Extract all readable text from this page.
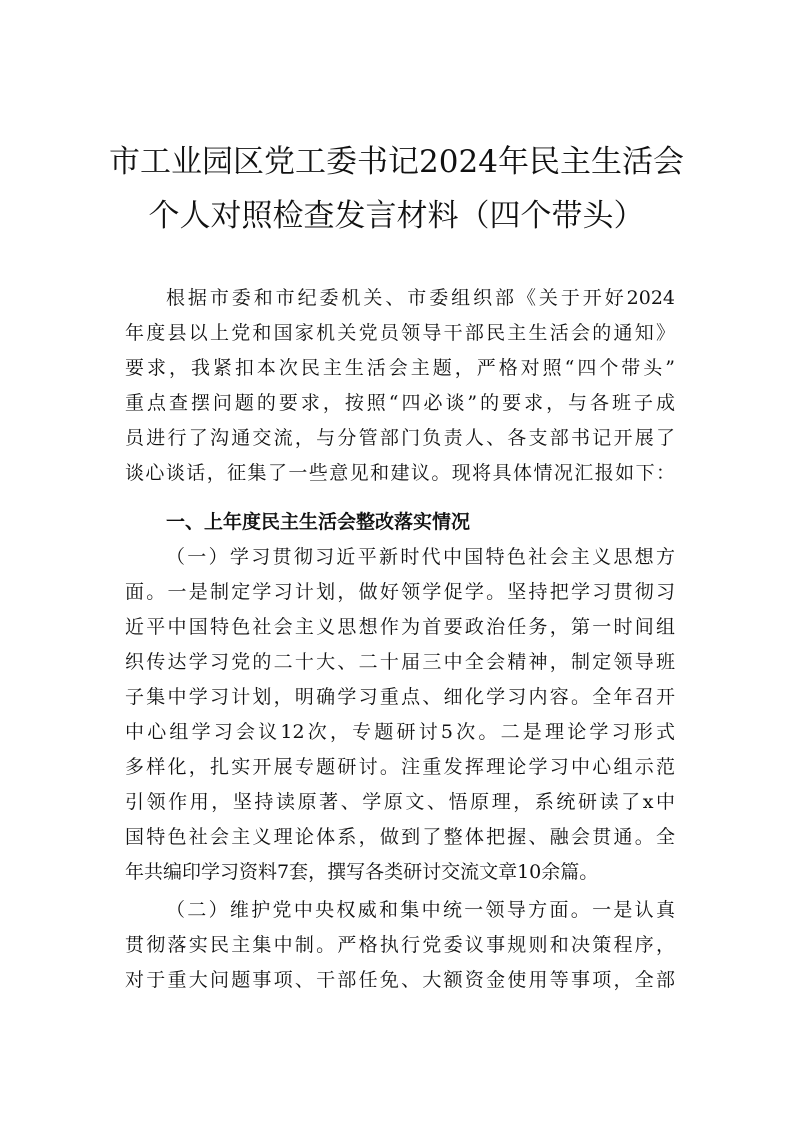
市工业园区党工委书记2024年民主生活会
个人对照检查发言材料（四个带头）
根据市委和市纪委机关、市委组织部《关于开好2024
年度县以上党和国家机关党员领导干部民主生活会的通知》
要求，我紧扣本次民主生活会主题，严格对照“四个带头”
重点查摆问题的要求，按照“四必谈”的要求，与各班子成
员进行了沟通交流，与分管部门负责人、各支部书记开展了
谈心谈话，征集了一些意见和建议。现将具体情况汇报如下：
一、上年度民主生活会整改落实情况
（一）学习贯彻习近平新时代中国特色社会主义思想方
面。一是制定学习计划，做好领学促学。坚持把学习贯彻习
近平中国特色社会主义思想作为首要政治任务，第一时间组
织传达学习党的二十大、二十届三中全会精神，制定领导班
子集中学习计划，明确学习重点、细化学习内容。全年召开
中心组学习会议12次，专题研讨5次。二是理论学习形式
多样化，扎实开展专题研讨。注重发挥理论学习中心组示范
引领作用，坚持读原著、学原文、悟原理，系统研读了x中
国特色社会主义理论体系，做到了整体把握、融会贯通。全
年共编印学习资料7套，撰写各类研讨交流文章10余篇。
（二）维护党中央权威和集中统一领导方面。一是认真
贯彻落实民主集中制。严格执行党委议事规则和决策程序，
对于重大问题事项、干部任免、大额资金使用等事项，全部
